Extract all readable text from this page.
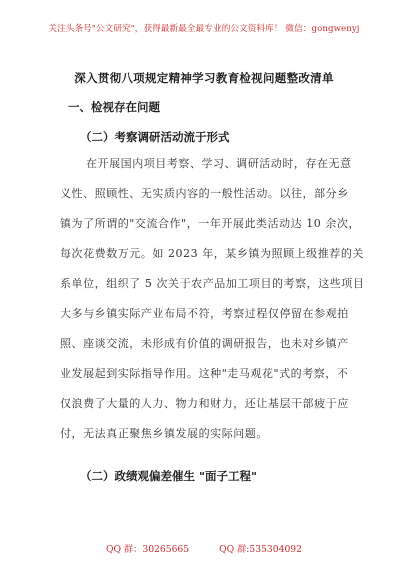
关注头条号"公文研究"，获得最新最全最专业的公文资料库！ 微信：gongwenyj
深入贯彻八项规定精神学习教育检视问题整改清单
一、检视存在问题
（二）考察调研活动流于形式
在开展国内项目考察、学习、调研活动时，存在无意
义性、照顾性、无实质内容的一般性活动。以往，部分乡
镇为了所谓的"交流合作"，一年开展此类活动达 10 余次，
每次花费数万元。如 2023 年，某乡镇为照顾上级推荐的关
系单位，组织了 5 次关于农产品加工项目的考察，这些项目
大多与乡镇实际产业布局不符，考察过程仅停留在参观拍
照、座谈交流，未形成有价值的调研报告，也未对乡镇产
业发展起到实际指导作用。这种"走马观花"式的考察，不
仅浪费了大量的人力、物力和财力，还让基层干部疲于应
付，无法真正聚焦乡镇发展的实际问题。
（二）政绩观偏差催生 "面子工程"
QQ 群：30265665	QQ 群:535304092
